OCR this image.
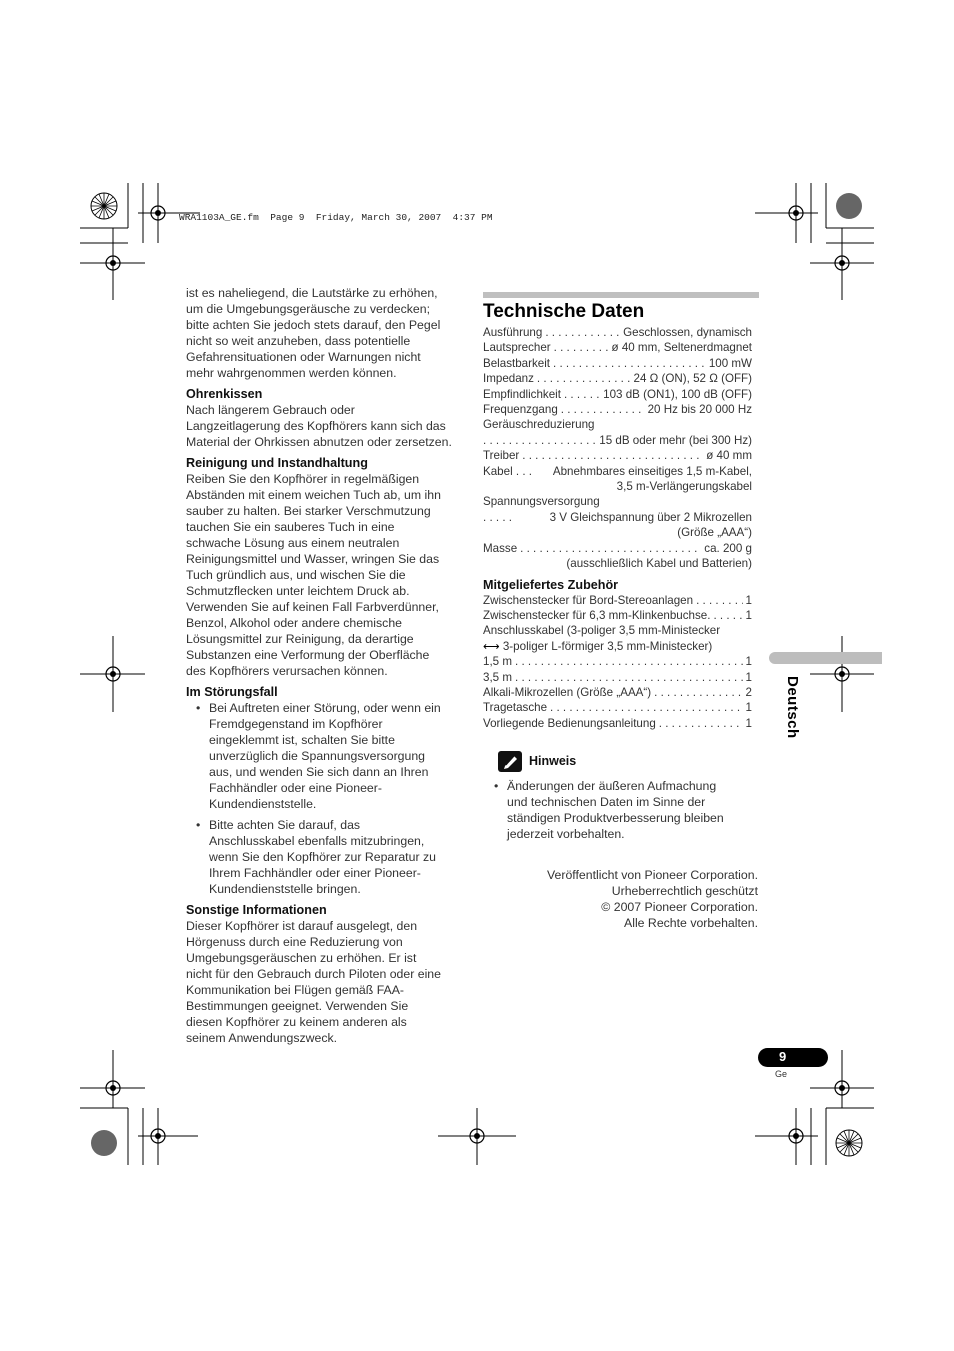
WRA1103A_GE.fm  Page 9  Friday, March 30, 2007  4:37 PM

ist es naheliegend, die Lautstärke zu erhöhen,

um die Umgebungsgeräusche zu verdecken;

bitte achten Sie jedoch stets darauf, den Pegel

nicht so weit anzuheben, dass potentielle

Gefahrensituationen oder Warnungen nicht

mehr wahrgenommen werden können.

Ohrenkissen

Nach längerem Gebrauch oder

Langzeitlagerung des Kopfhörers kann sich das

Material der Ohrkissen abnutzen oder zersetzen.

Reinigung und Instandhaltung

Reiben Sie den Kopfhörer in regelmäßigen

Abständen mit einem weichen Tuch ab, um ihn

sauber zu halten. Bei starker Verschmutzung

tauchen Sie ein sauberes Tuch in eine

schwache Lösung aus einem neutralen

Reinigungsmittel und Wasser, wringen Sie das

Tuch gründlich aus, und wischen Sie die

Schmutzflecken unter leichtem Druck ab.

Verwenden Sie auf keinen Fall Farbverdünner,

Benzol, Alkohol oder andere chemische

Lösungsmittel zur Reinigung, da derartige

Substanzen eine Verformung der Oberfläche

des Kopfhörers verursachen können.

Im Störungsfall

• Bei Auftreten einer Störung, oder wenn ein

Fremdgegenstand im Kopfhörer

eingeklemmt ist, schalten Sie bitte

unverzüglich die Spannungsversorgung

aus, und wenden Sie sich dann an Ihren

Fachhändler oder eine Pioneer-

Kundendienststelle.

• Bitte achten Sie darauf, das

Anschlusskabel ebenfalls mitzubringen,

wenn Sie den Kopfhörer zur Reparatur zu

Ihrem Fachhändler oder einer Pioneer-

Kundendienststelle bringen.

Sonstige Informationen

Dieser Kopfhörer ist darauf ausgelegt, den

Hörgenuss durch eine Reduzierung von

Umgebungsgeräuschen zu erhöhen. Er ist

nicht für den Gebrauch durch Piloten oder eine

Kommunikation bei Flügen gemäß FAA-

Bestimmungen geeignet. Verwenden Sie

diesen Kopfhörer zu keinem anderen als

seinem Anwendungszweck.

Technische Daten
Ausführung . . .	Geschlossen, dynamisch
Lautsprecher . . .	ø 40 mm, Seltenerdmagnet
Belastbarkeit . . .	100 mW
Impedanz . . .	24 Ω (ON), 52 Ω (OFF)
Empfindlichkeit . . .	103 dB (ON1), 100 dB (OFF)
Frequenzgang . . .	20 Hz bis 20 000 Hz
Geräuschreduzierung
. . .
15 dB oder mehr (bei 300 Hz)
Treiber . . .	ø 40 mm
Kabel . . . Abnehmbares einseitiges 1,5 m-Kabel,
3,5 m-Verlängerungskabel
Spannungsversorgung
. . .
3 V Gleichspannung über 2 Mikrozellen
(Größe „AAA“)
Masse . . .	ca. 200 g
(ausschließlich Kabel und Batterien)
Mitgeliefertes Zubehör
Zwischenstecker für Bord-Stereoanlagen . . .	1
Zwischenstecker für 6,3 mm-Klinkenbuchse. . . .	1
Anschlusskabel (3-poliger 3,5 mm-Ministecker
⟷ 3-poliger L-förmiger 3,5 mm-Ministecker)
1,5 m . . .	1
3,5 m . . .	1
Alkali-Mikrozellen (Größe „AAA“) . . .	2
Tragetasche . . .	1
Vorliegende Bedienungsanleitung . . .	1
Hinweis
• Änderungen der äußeren Aufmachung

und technischen Daten im Sinne der

ständigen Produktverbesserung bleiben

jederzeit vorbehalten.

Veröffentlicht von Pioneer Corporation.
Urheberrechtlich geschützt
© 2007 Pioneer Corporation.
Alle Rechte vorbehalten.
Deutsch
9
Ge
